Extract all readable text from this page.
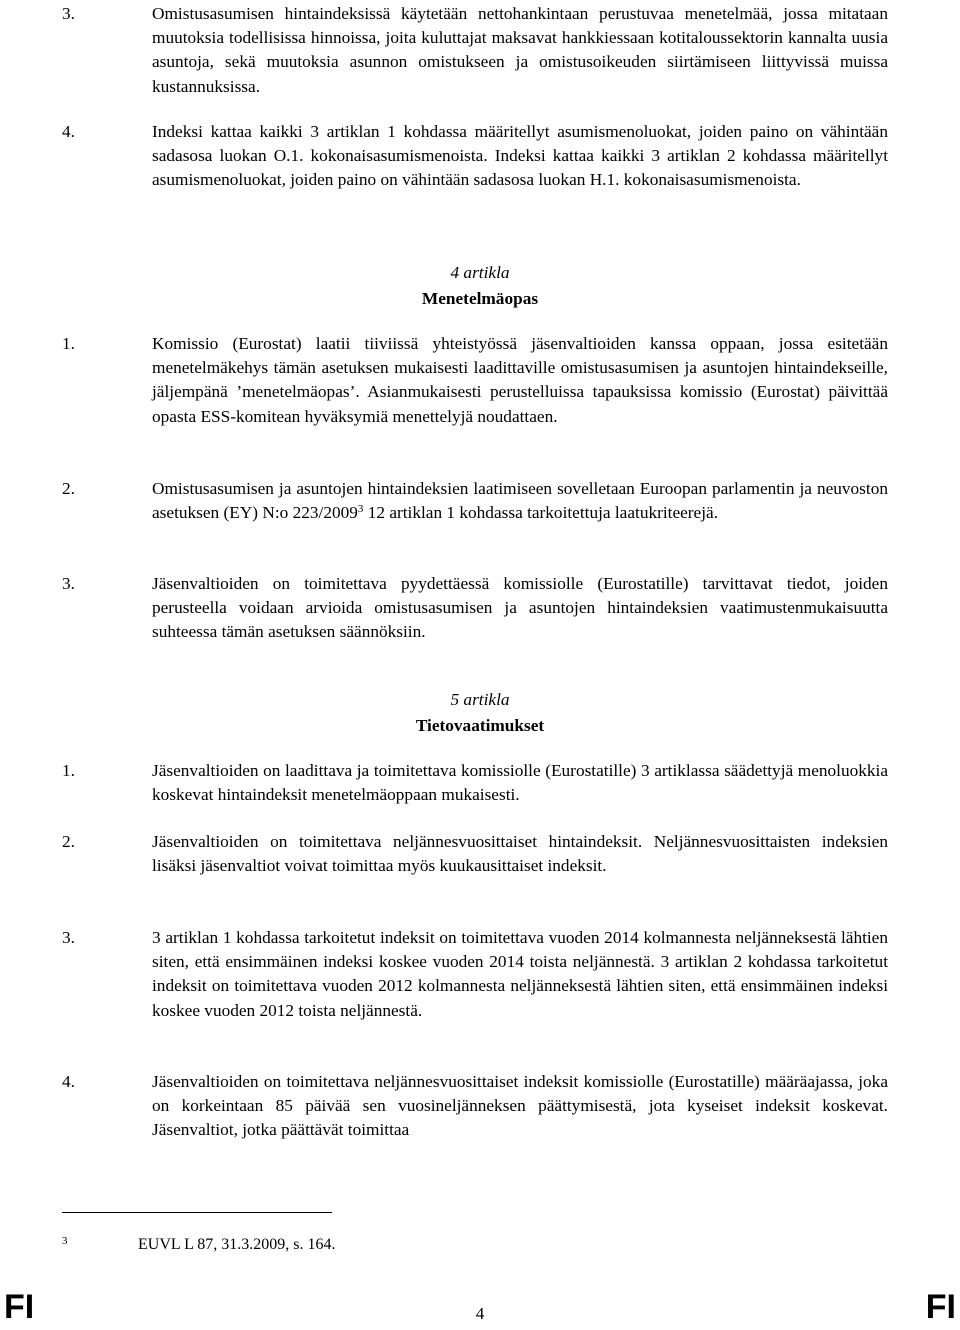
3.	Omistusasumisen hintaindeksissä käytetään nettohankintaan perustuvaa menetelmää, jossa mitataan muutoksia todellisissa hinnoissa, joita kuluttajat maksavat hankkiessaan kotitaloussektorin kannalta uusia asuntoja, sekä muutoksia asunnon omistukseen ja omistusoikeuden siirtämiseen liittyvissä muissa kustannuksissa.
4.	Indeksi kattaa kaikki 3 artiklan 1 kohdassa määritellyt asumismenoluokat, joiden paino on vähintään sadasosa luokan O.1. kokonaisasumismenoista. Indeksi kattaa kaikki 3 artiklan 2 kohdassa määritellyt asumismenoluokat, joiden paino on vähintään sadasosa luokan H.1. kokonaisasumismenoista.
4 artikla
Menetelmäopas
1.	Komissio (Eurostat) laatii tiiviissä yhteistyössä jäsenvaltioiden kanssa oppaan, jossa esitetään menetelmäkehys tämän asetuksen mukaisesti laadittaville omistusasumisen ja asuntojen hintaindekseille, jäljempänä ’menetelmäopas’. Asianmukaisesti perustelluissa tapauksissa komissio (Eurostat) päivittää opasta ESS-komitean hyväksymiä menettelyjä noudattaen.
2.	Omistusasumisen ja asuntojen hintaindeksien laatimiseen sovelletaan Euroopan parlamentin ja neuvoston asetuksen (EY) N:o 223/2009$^3$ 12 artiklan 1 kohdassa tarkoitettuja laatukriteerejä.
3.	Jäsenvaltioiden on toimitettava pyydettäessä komissiolle (Eurostatille) tarvittavat tiedot, joiden perusteella voidaan arvioida omistusasumisen ja asuntojen hintaindeksien vaatimustenmukaisuutta suhteessa tämän asetuksen säännöksiin.
5 artikla
Tietovaatimukset
1.	Jäsenvaltioiden on laadittava ja toimitettava komissiolle (Eurostatille) 3 artiklassa säädettyjä menoluokkia koskevat hintaindeksit menetelmäoppaan mukaisesti.
2.	Jäsenvaltioiden on toimitettava neljännesvuosittaiset hintaindeksit. Neljännesvuosittaisten indeksien lisäksi jäsenvaltiot voivat toimittaa myös kuukausittaiset indeksit.
3.	3 artiklan 1 kohdassa tarkoitetut indeksit on toimitettava vuoden 2014 kolmannesta neljänneksestä lähtien siten, että ensimmäinen indeksi koskee vuoden 2014 toista neljännestä. 3 artiklan 2 kohdassa tarkoitetut indeksit on toimitettava vuoden 2012 kolmannesta neljänneksestä lähtien siten, että ensimmäinen indeksi koskee vuoden 2012 toista neljännestä.
4.	Jäsenvaltioiden on toimitettava neljännesvuosittaiset indeksit komissiolle (Eurostatille) määräajassa, joka on korkeintaan 85 päivää sen vuosineljänneksen päättymisestä, jota kyseiset indeksit koskevat. Jäsenvaltiot, jotka päättävät toimittaa
3	EUVL L 87, 31.3.2009, s. 164.
FI	4	FI
